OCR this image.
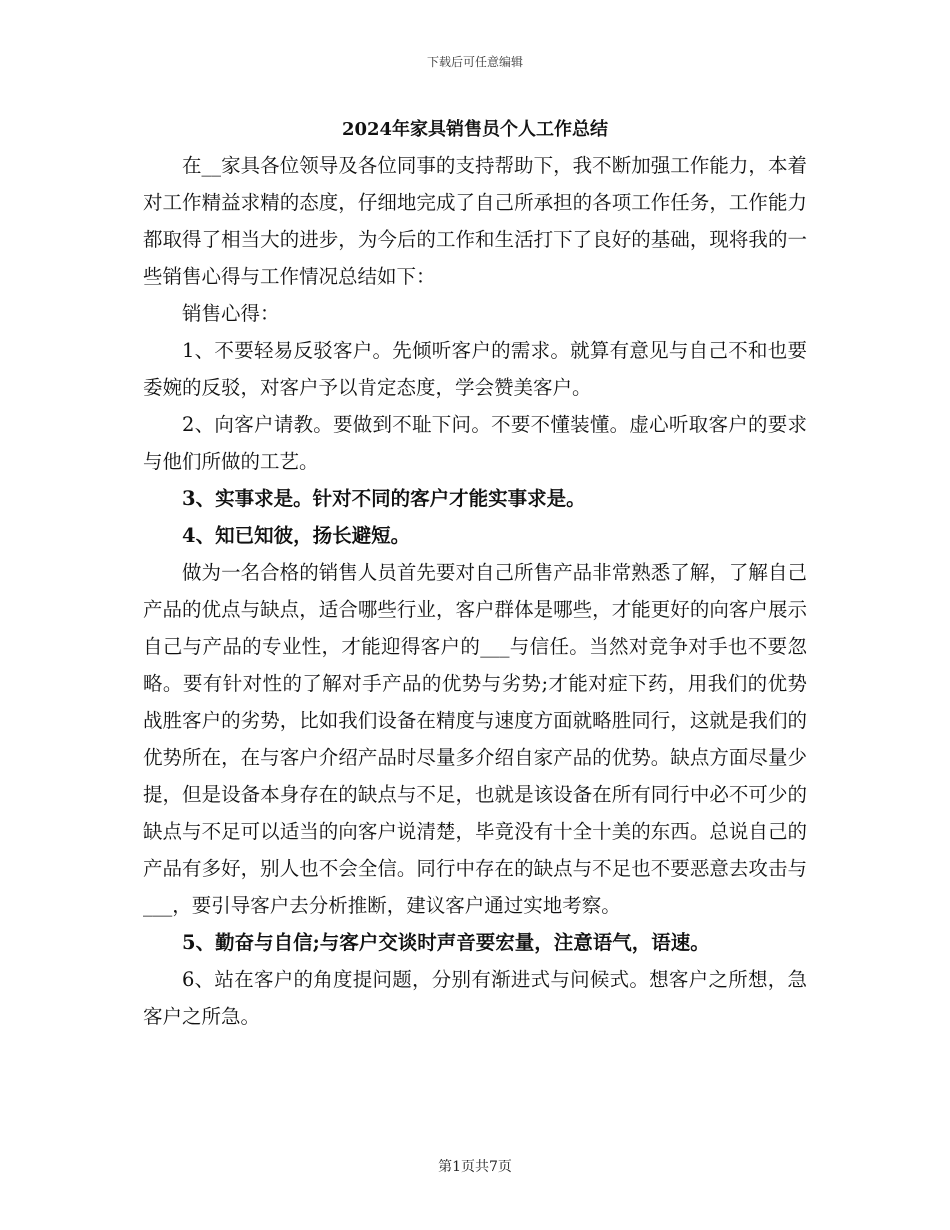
下载后可任意编辑
2024年家具销售员个人工作总结

在__家具各位领导及各位同事的支持帮助下，我不断加强工作能力，本着对工作精益求精的态度，仔细地完成了自己所承担的各项工作任务，工作能力都取得了相当大的进步，为今后的工作和生活打下了良好的基础，现将我的一些销售心得与工作情况总结如下：

销售心得：

1、不要轻易反驳客户。先倾听客户的需求。就算有意见与自己不和也要委婉的反驳，对客户予以肯定态度，学会赞美客户。

2、向客户请教。要做到不耻下问。不要不懂装懂。虚心听取客户的要求与他们所做的工艺。

3、实事求是。针对不同的客户才能实事求是。

4、知已知彼，扬长避短。

做为一名合格的销售人员首先要对自己所售产品非常熟悉了解，了解自己产品的优点与缺点，适合哪些行业，客户群体是哪些，才能更好的向客户展示自己与产品的专业性，才能迎得客户的___与信任。当然对竞争对手也不要忽略。要有针对性的了解对手产品的优势与劣势;才能对症下药，用我们的优势战胜客户的劣势，比如我们设备在精度与速度方面就略胜同行，这就是我们的优势所在，在与客户介绍产品时尽量多介绍自家产品的优势。缺点方面尽量少提，但是设备本身存在的缺点与不足，也就是该设备在所有同行中必不可少的缺点与不足可以适当的向客户说清楚，毕竟没有十全十美的东西。总说自己的产品有多好，别人也不会全信。同行中存在的缺点与不足也不要恶意去攻击与___，要引导客户去分析推断，建议客户通过实地考察。

5、勤奋与自信;与客户交谈时声音要宏量，注意语气，语速。

6、站在客户的角度提问题，分别有渐进式与问候式。想客户之所想，急客户之所急。

第1页共7页
